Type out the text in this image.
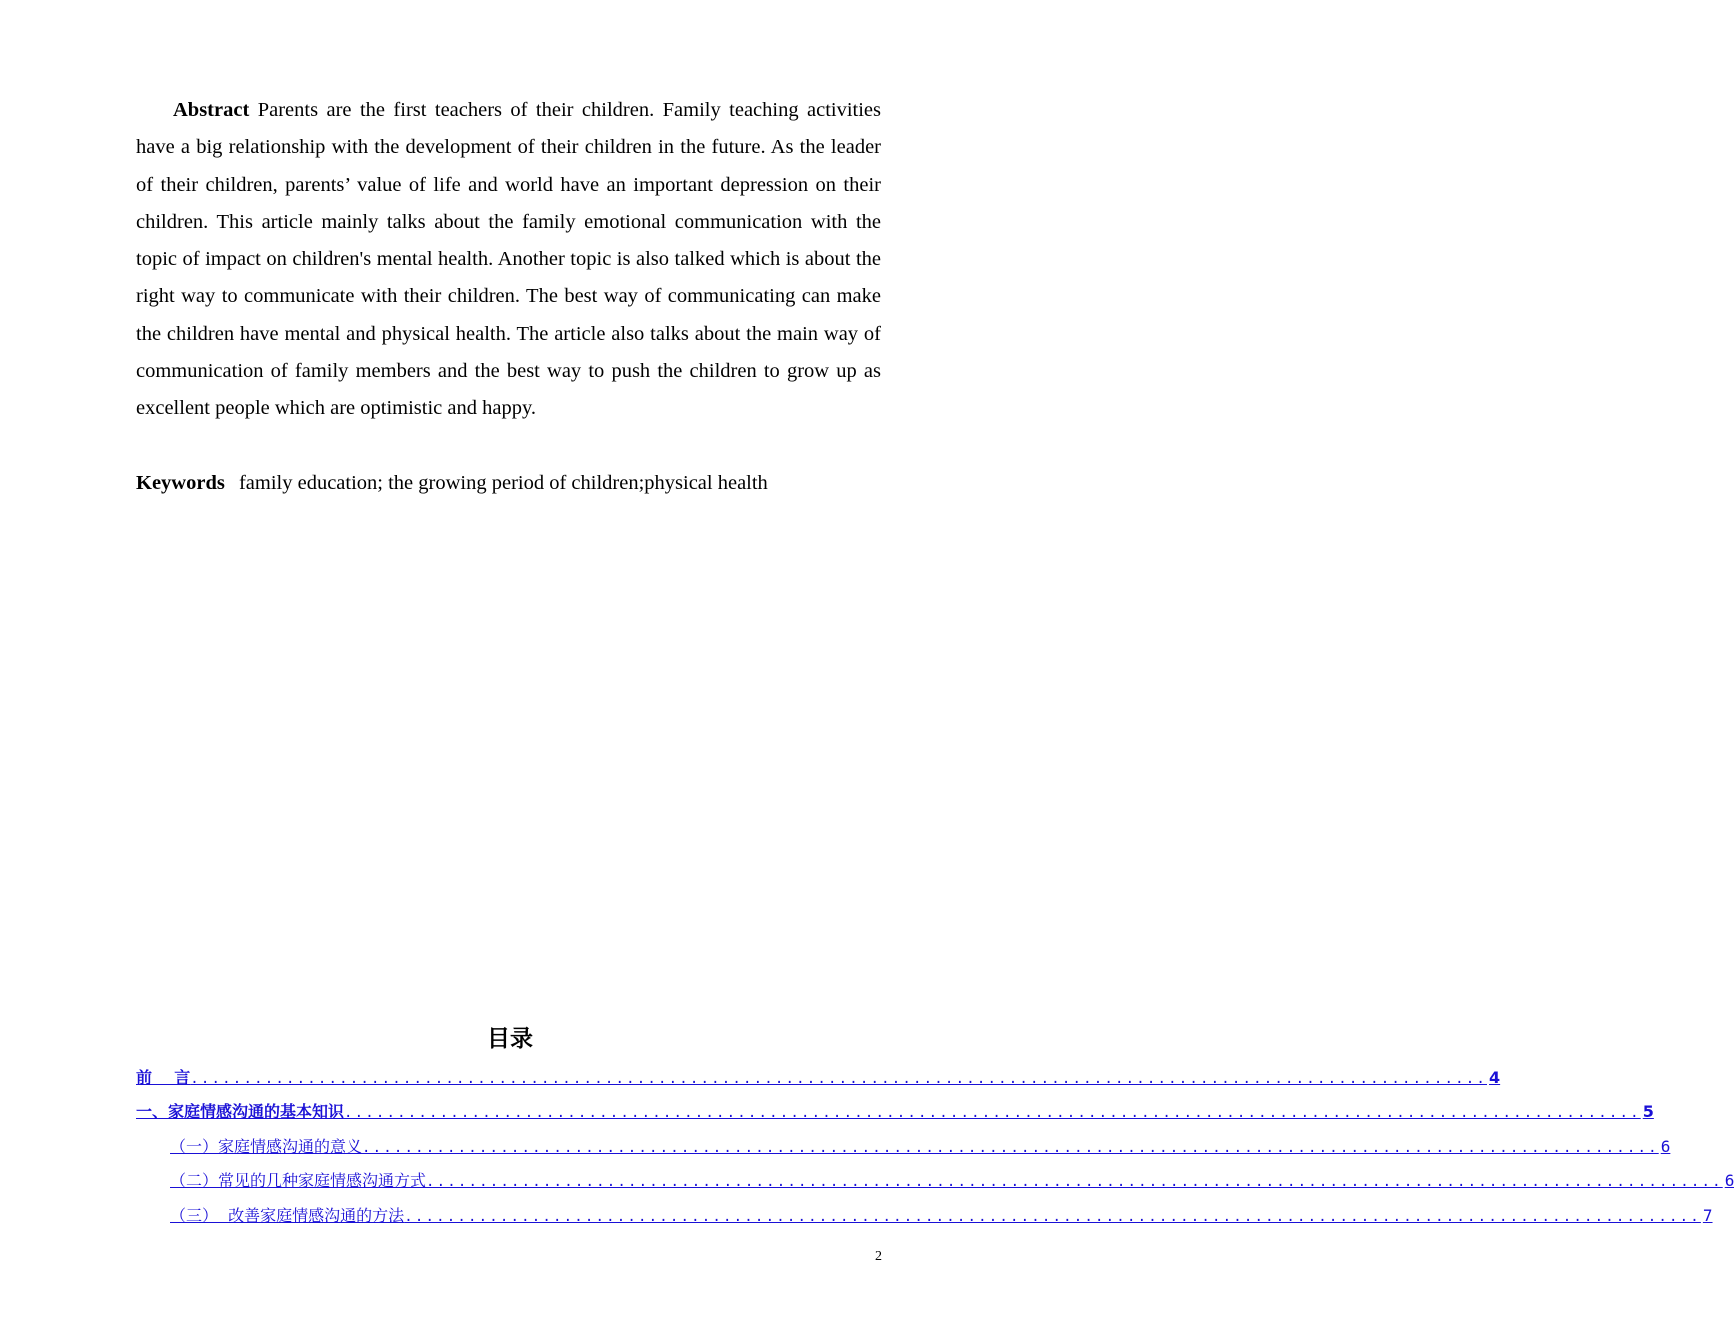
Abstract Parents are the first teachers of their children. Family teaching activities have a big relationship with the development of their children in the future. As the leader of their children, parents’ value of life and world have an important depression on their children. This article mainly talks about the family emotional communication with the topic of impact on children's mental health. Another topic is also talked which is about the right way to communicate with their children. The best way of communicating can make the children have mental and physical health. The article also talks about the main way of communication of family members and the best way to push the children to grow up as excellent people which are optimistic and happy.

Keywords family education; the growing period of children;physical health

目录
前    言 .......................................................................................................................... 4
一、家庭情感沟通的基本知识 .......................................................................................................................... 5
（一）家庭情感沟通的意义 .......................................................................................................................... 6
（二）常见的几种家庭情感沟通方式 .......................................................................................................................... 6
（三）  改善家庭情感沟通的方法 .......................................................................................................................... 7
2
